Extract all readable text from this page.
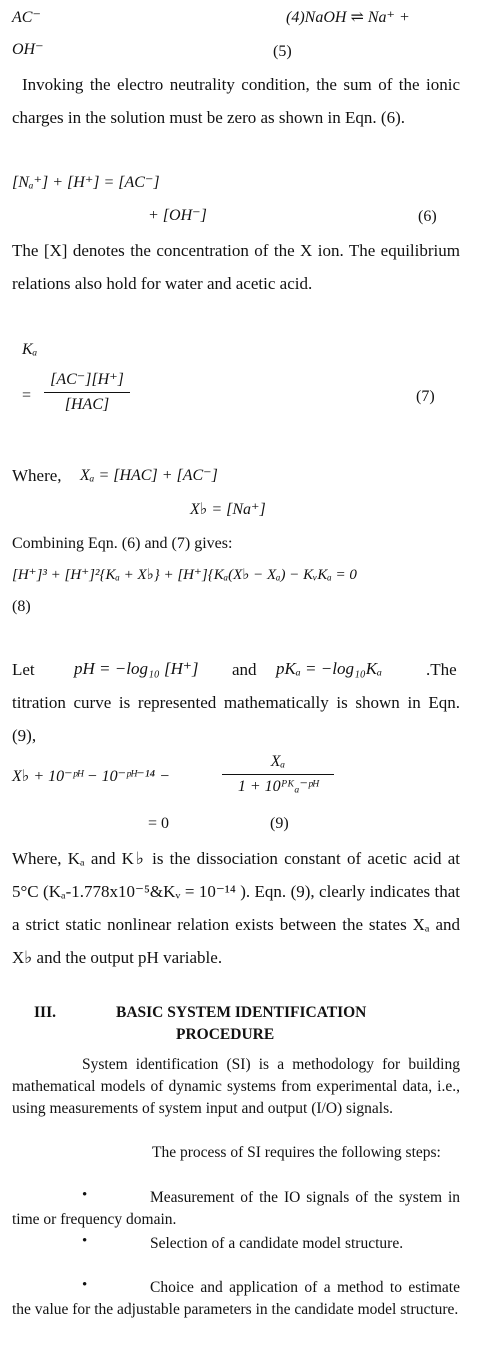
AC⁻	(4)NaOH ⇌ Na⁺ +
OH⁻	(5)
Invoking the electro neutrality condition, the sum of the ionic charges in the solution must be zero as shown in Eqn. (6).
[Nₐ⁺] + [H⁺] = [AC⁻]
+ [OH⁻]	(6)
The [X] denotes the concentration of the X ion. The equilibrium relations also hold for water and acetic acid.
Kₐ
=
[AC⁻][H⁺]
[HAC]	(7)
Where, Xₐ = [HAC] + [AC⁻]
X♭ = [Na⁺]
Combining Eqn. (6) and (7) gives:
[H⁺]³ + [H⁺]²{Kₐ + X♭} + [H⁺]{Kₐ(X♭ − Xₐ) − KᵥKₐ = 0
(8)
Let pH = −log₁₀ [H⁺] and pKₐ = −log₁₀Kₐ	.The
titration curve is represented mathematically is shown in Eqn. (9),
X♭ + 10⁻ᵖᴴ − 10⁻ᵖᴴ⁻¹⁴ −
Xₐ
1 + 10ᴾᴷₐ⁻ᵖᴴ
= 0	(9)
Where, Kₐ and K♭ is the dissociation constant of acetic acid at 5°C (Kₐ-1.778x10⁻⁵&Kᵥ = 10⁻¹⁴ ). Eqn. (9), clearly indicates that a strict static nonlinear relation exists between the states Xₐ and X♭ and the output pH variable.
III.	BASIC SYSTEM IDENTIFICATION
PROCEDURE
System identification (SI) is a methodology for building mathematical models of dynamic systems from experimental data, i.e., using measurements of system input and output (I/O) signals.
The process of SI requires the following steps:
•	Measurement of the IO signals of the system in time or frequency domain.
•	Selection of a candidate model structure.
•	Choice and application of a method to estimate the value for the adjustable parameters in the candidate model structure.
